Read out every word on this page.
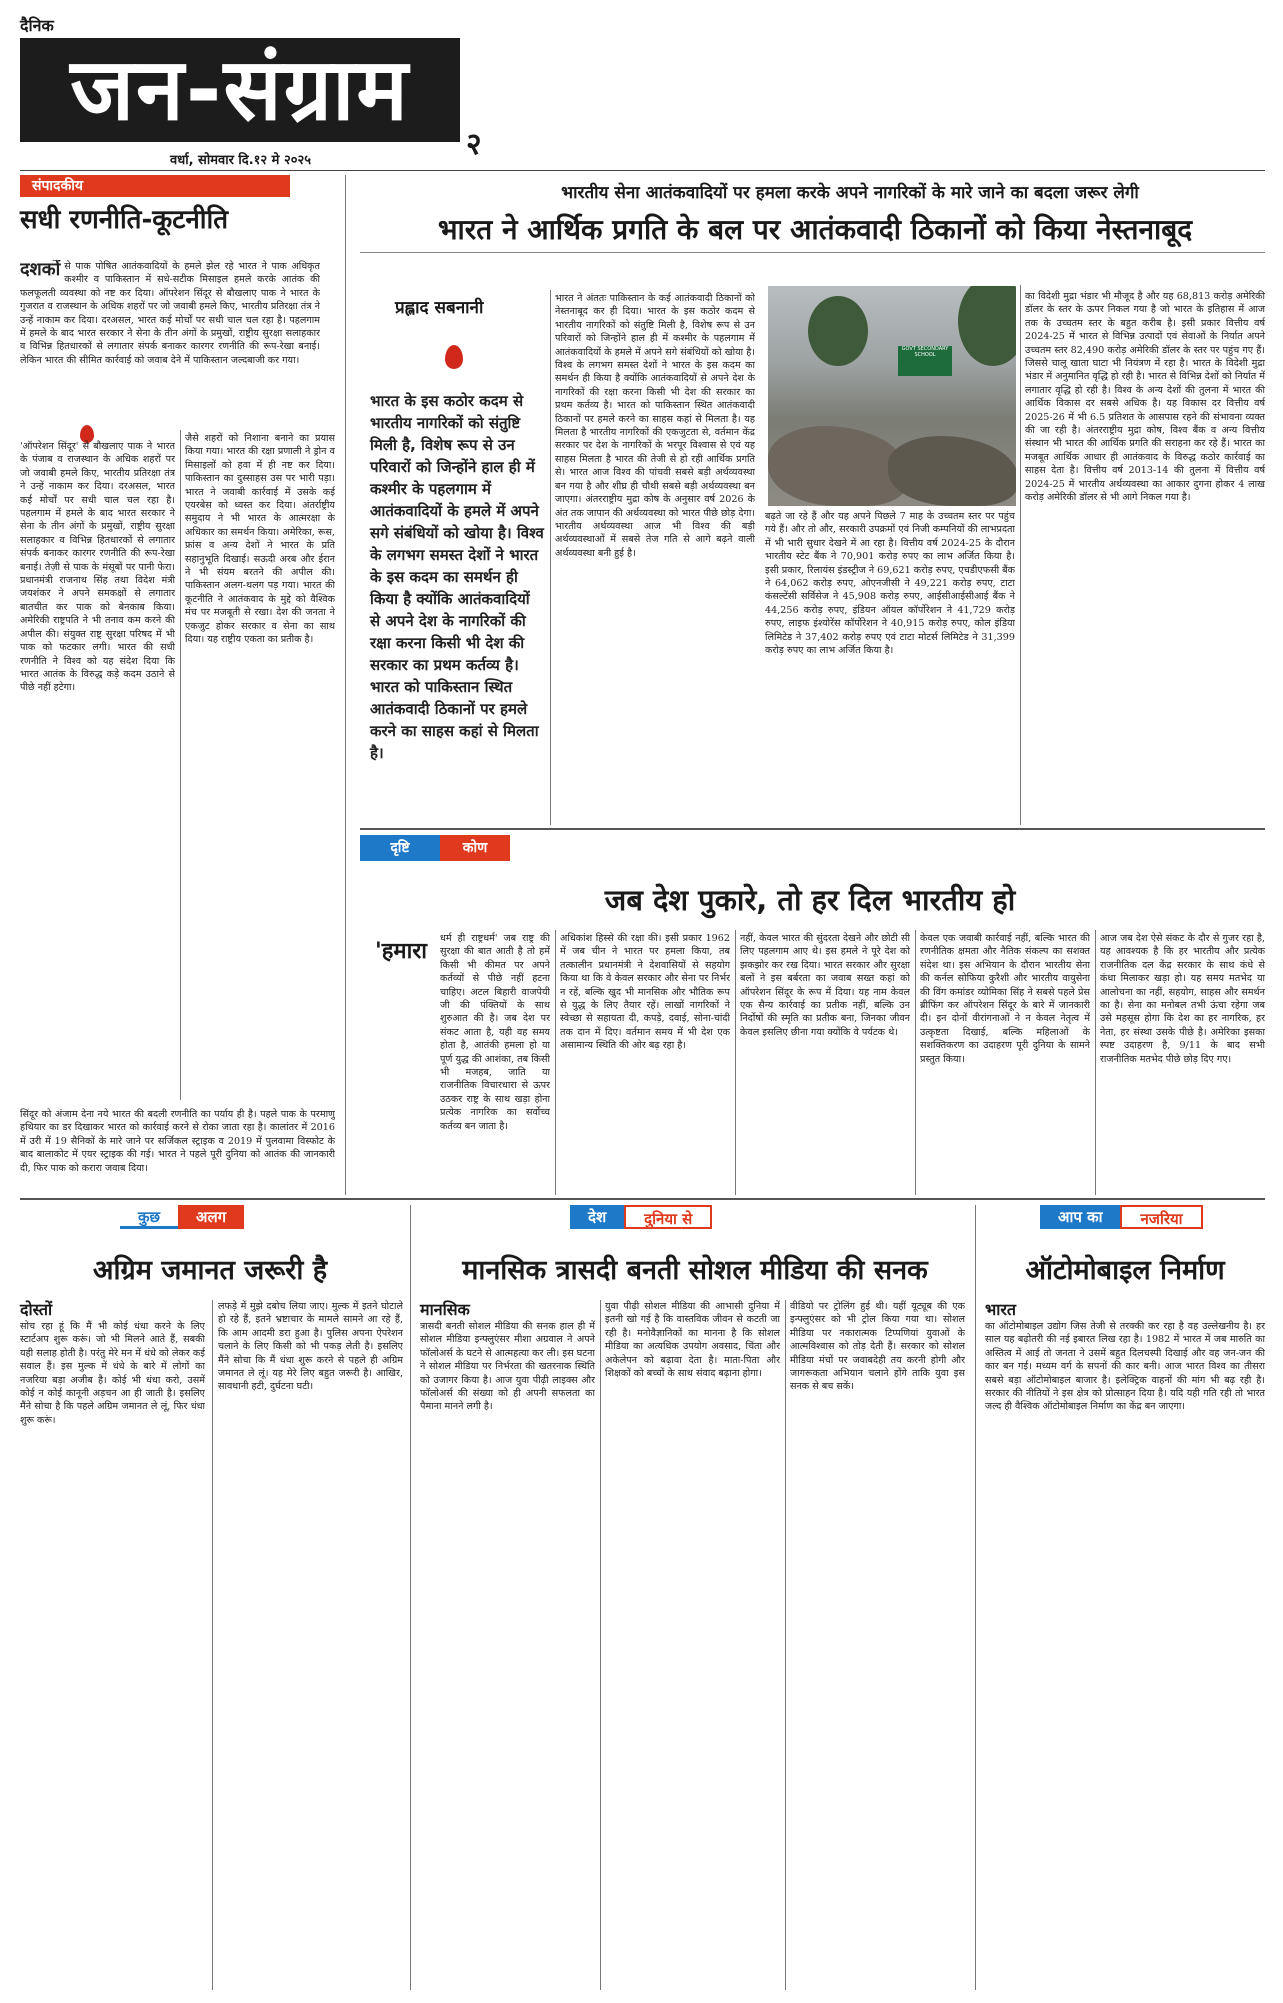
दैनिक
जन-संग्राम
२
वर्धा, सोमवार दि.१२ मे २०२५
संपादकीय
सधी रणनीति-कूटनीति
दशकों से पाक पोषित आतंकवादियों के हमले झेल रहे भारत ने पाक अधिकृत कश्मीर व पाकिस्तान में सधे-सटीक मिसाइल हमले करके आतंक की फलफूलती व्यवस्था को नष्ट कर दिया। ऑपरेशन सिंदूर से बौखलाए पाक ने भारत के गुजरात व राजस्थान के अधिक शहरों पर जो जवाबी हमले किए, भारतीय प्रतिरक्षा तंत्र ने उन्हें नाकाम कर दिया। दरअसल, भारत कई मोर्चों पर सधी चाल चल रहा है। पहलगाम में हमले के बाद भारत सरकार ने सेना के तीन अंगों के प्रमुखों, राष्ट्रीय सुरक्षा सलाहकार व विभिन्न हितधारकों से लगातार संपर्क बनाकर कारगर रणनीति की रूप-रेखा बनाई। लेकिन भारत की सीमित कार्रवाई को जवाब देने में पाकिस्तान जल्दबाजी कर गया।
'ऑपरेशन सिंदूर' से बौखलाए पाक ने भारत के पंजाब व राजस्थान के अधिक शहरों पर जो जवाबी हमले किए, भारतीय प्रतिरक्षा तंत्र ने उन्हें नाकाम कर दिया। दरअसल, भारत कई मोर्चों पर सधी चाल चल रहा है। पहलगाम में हमले के बाद भारत सरकार ने सेना के तीन अंगों के प्रमुखों, राष्ट्रीय सुरक्षा सलाहकार व विभिन्न हितधारकों से लगातार संपर्क बनाकर कारगर रणनीति की रूप-रेखा बनाई। तेज़ी से पाक के मंसूबों पर पानी फेरा। प्रधानमंत्री राजनाथ सिंह तथा विदेश मंत्री जयशंकर ने अपने समकक्षों से लगातार बातचीत कर पाक को बेनकाब किया। अमेरिकी राष्ट्रपति ने भी तनाव कम करने की अपील की। संयुक्त राष्ट्र सुरक्षा परिषद में भी पाक को फटकार लगी। भारत की सधी रणनीति ने विश्व को यह संदेश दिया कि भारत आतंक के विरुद्ध कड़े कदम उठाने से पीछे नहीं हटेगा।
जैसे शहरों को निशाना बनाने का प्रयास किया गया। भारत की रक्षा प्रणाली ने ड्रोन व मिसाइलों को हवा में ही नष्ट कर दिया। पाकिस्तान का दुस्साहस उस पर भारी पड़ा। भारत ने जवाबी कार्रवाई में उसके कई एयरबेस को ध्वस्त कर दिया। अंतर्राष्ट्रीय समुदाय ने भी भारत के आत्मरक्षा के अधिकार का समर्थन किया। अमेरिका, रूस, फ्रांस व अन्य देशों ने भारत के प्रति सहानुभूति दिखाई। सऊदी अरब और ईरान ने भी संयम बरतने की अपील की। पाकिस्तान अलग-थलग पड़ गया। भारत की कूटनीति ने आतंकवाद के मुद्दे को वैश्विक मंच पर मजबूती से रखा। देश की जनता ने एकजुट होकर सरकार व सेना का साथ दिया। यह राष्ट्रीय एकता का प्रतीक है।
सिंदूर को अंजाम देना नये भारत की बदली रणनीति का पर्याय ही है। पहले पाक के परमाणु हथियार का डर दिखाकर भारत को कार्रवाई करने से रोका जाता रहा है। कालांतर में 2016 में उरी में 19 सैनिकों के मारे जाने पर सर्जिकल स्ट्राइक व 2019 में पुलवामा विस्फोट के बाद बालाकोट में एयर स्ट्राइक की गई। भारत ने पहले पूरी दुनिया को आतंक की जानकारी दी, फिर पाक को करारा जवाब दिया।
भारतीय सेना आतंकवादियों पर हमला करके अपने नागरिकों के मारे जाने का बदला जरूर लेगी
भारत ने आर्थिक प्रगति के बल पर आतंकवादी ठिकानों को किया नेस्तनाबूद
प्रह्लाद सबनानी
भारत के इस कठोर कदम से भारतीय नागरिकों को संतुष्टि मिली है, विशेष रूप से उन परिवारों को जिन्होंने हाल ही में कश्मीर के पहलगाम में आतंकवादियों के हमले में अपने सगे संबंधियों को खोया है। विश्व के लगभग समस्त देशों ने भारत के इस कदम का समर्थन ही किया है क्योंकि आतंकवादियों से अपने देश के नागरिकों की रक्षा करना किसी भी देश की सरकार का प्रथम कर्तव्य है। भारत को पाकिस्तान स्थित आतंकवादी ठिकानों पर हमले करने का साहस कहां से मिलता है।
भारत ने अंततः पाकिस्तान के कई आतंकवादी ठिकानों को नेस्तनाबूद कर ही दिया। भारत के इस कठोर कदम से भारतीय नागरिकों को संतुष्टि मिली है, विशेष रूप से उन परिवारों को जिन्होंने हाल ही में कश्मीर के पहलगाम में आतंकवादियों के हमले में अपने सगे संबंधियों को खोया है। विश्व के लगभग समस्त देशों ने भारत के इस कदम का समर्थन ही किया है क्योंकि आतंकवादियों से अपने देश के नागरिकों की रक्षा करना किसी भी देश की सरकार का प्रथम कर्तव्य है। भारत को पाकिस्तान स्थित आतंकवादी ठिकानों पर हमले करने का साहस कहां से मिलता है। यह मिलता है भारतीय नागरिकों की एकजुटता से, वर्तमान केंद्र सरकार पर देश के नागरिकों के भरपूर विश्वास से एवं यह साहस मिलता है भारत की तेजी से हो रही आर्थिक प्रगति से। भारत आज विश्व की पांचवी सबसे बड़ी अर्थव्यवस्था बन गया है और शीघ्र ही चौथी सबसे बड़ी अर्थव्यवस्था बन जाएगा। अंतरराष्ट्रीय मुद्रा कोष के अनुसार वर्ष 2026 के अंत तक जापान की अर्थव्यवस्था को भारत पीछे छोड़ देगा। भारतीय अर्थव्यवस्था आज भी विश्व की बड़ी अर्थव्यवस्थाओं में सबसे तेज गति से आगे बढ़ने वाली अर्थव्यवस्था बनी हुई है।
GOVT SECONDARY SCHOOL
बढ़ते जा रहे हैं और यह अपने पिछले 7 माह के उच्चतम स्तर पर पहुंच गये हैं। और तो और, सरकारी उपक्रमों एवं निजी कम्पनियों की लाभप्रदता में भी भारी सुधार देखने में आ रहा है। वित्तीय वर्ष 2024-25 के दौरान भारतीय स्टेट बैंक ने 70,901 करोड़ रुपए का लाभ अर्जित किया है। इसी प्रकार, रिलायंस इंडस्ट्रीज ने 69,621 करोड़ रुपए, एचडीएफसी बैंक ने 64,062 करोड़ रुपए, ओएनजीसी ने 49,221 करोड़ रुपए, टाटा कंसल्टेंसी सर्विसेज ने 45,908 करोड़ रुपए, आईसीआईसीआई बैंक ने 44,256 करोड़ रुपए, इंडियन ऑयल कॉर्पोरेशन ने 41,729 करोड़ रुपए, लाइफ इंश्योरेंस कॉर्पोरेशन ने 40,915 करोड़ रुपए, कोल इंडिया लिमिटेड ने 37,402 करोड़ रुपए एवं टाटा मोटर्स लिमिटेड ने 31,399 करोड़ रुपए का लाभ अर्जित किया है।
का विदेशी मुद्रा भंडार भी मौजूद है और यह 68,813 करोड़ अमेरिकी डॉलर के स्तर के ऊपर निकल गया है जो भारत के इतिहास में आज तक के उच्चतम स्तर के बहुत करीब है। इसी प्रकार वित्तीय वर्ष 2024-25 में भारत से विभिन्न उत्पादों एवं सेवाओं के निर्यात अपने उच्चतम स्तर 82,490 करोड़ अमेरिकी डॉलर के स्तर पर पहुंच गए हैं। जिससे चालू खाता घाटा भी नियंत्रण में रहा है। भारत के विदेशी मुद्रा भंडार में अनुमानित वृद्धि हो रही है। भारत से विभिन्न देशों को निर्यात में लगातार वृद्धि हो रही है। विश्व के अन्य देशों की तुलना में भारत की आर्थिक विकास दर सबसे अधिक है। यह विकास दर वित्तीय वर्ष 2025-26 में भी 6.5 प्रतिशत के आसपास रहने की संभावना व्यक्त की जा रही है। अंतरराष्ट्रीय मुद्रा कोष, विश्व बैंक व अन्य वित्तीय संस्थान भी भारत की आर्थिक प्रगति की सराहना कर रहे हैं। भारत का मजबूत आर्थिक आधार ही आतंकवाद के विरुद्ध कठोर कार्रवाई का साहस देता है। वित्तीय वर्ष 2013-14 की तुलना में वित्तीय वर्ष 2024-25 में भारतीय अर्थव्यवस्था का आकार दुगना होकर 4 लाख करोड़ अमेरिकी डॉलर से भी आगे निकल गया है।
दृष्टि	कोण
जब देश पुकारे, तो हर दिल भारतीय हो
'हमारा
धर्म ही राष्ट्रधर्म' जब राष्ट्र की सुरक्षा की बात आती है तो हमें किसी भी कीमत पर अपने कर्तव्यों से पीछे नहीं हटना चाहिए। अटल बिहारी वाजपेयी जी की पंक्तियों के साथ शुरुआत की है। जब देश पर संकट आता है, यही वह समय होता है, आतंकी हमला हो या पूर्ण युद्ध की आशंका, तब किसी भी मजहब, जाति या राजनीतिक विचारधारा से ऊपर उठकर राष्ट्र के साथ खड़ा होना प्रत्येक नागरिक का सर्वोच्च कर्तव्य बन जाता है।
अधिकांश हिस्से की रक्षा की। इसी प्रकार 1962 में जब चीन ने भारत पर हमला किया, तब तत्कालीन प्रधानमंत्री ने देशवासियों से सहयोग किया था कि वे केवल सरकार और सेना पर निर्भर न रहें, बल्कि खुद भी मानसिक और भौतिक रूप से युद्ध के लिए तैयार रहें। लाखों नागरिकों ने स्वेच्छा से सहायता दी, कपड़े, दवाई, सोना-चांदी तक दान में दिए। वर्तमान समय में भी देश एक असामान्य स्थिति की ओर बढ़ रहा है।
नहीं, केवल भारत की सुंदरता देखने और छोटी सी लिए पहलगाम आए थे। इस हमले ने पूरे देश को झकझोर कर रख दिया। भारत सरकार और सुरक्षा बलों ने इस बर्बरता का जवाब सख्त कहां को ऑपरेशन सिंदूर के रूप में दिया। यह नाम केवल एक सैन्य कार्रवाई का प्रतीक नहीं, बल्कि उन निर्दोषों की स्मृति का प्रतीक बना, जिनका जीवन केवल इसलिए छीना गया क्योंकि वे पर्यटक थे।
केवल एक जवाबी कार्रवाई नहीं, बल्कि भारत की रणनीतिक क्षमता और नैतिक संकल्प का सशक्त संदेश था। इस अभियान के दौरान भारतीय सेना की कर्नल सोफिया कुरैशी और भारतीय वायुसेना की विंग कमांडर व्योमिका सिंह ने सबसे पहले प्रेस ब्रीफिंग कर ऑपरेशन सिंदूर के बारे में जानकारी दी। इन दोनों वीरांगनाओं ने न केवल नेतृत्व में उत्कृष्टता दिखाई, बल्कि महिलाओं के सशक्तिकरण का उदाहरण पूरी दुनिया के सामने प्रस्तुत किया।
आज जब देश ऐसे संकट के दौर से गुजर रहा है, यह आवश्यक है कि हर भारतीय और प्रत्येक राजनीतिक दल केंद्र सरकार के साथ कंधे से कंधा मिलाकर खड़ा हो। यह समय मतभेद या आलोचना का नहीं, सहयोग, साहस और समर्थन का है। सेना का मनोबल तभी ऊंचा रहेगा जब उसे महसूस होगा कि देश का हर नागरिक, हर नेता, हर संस्था उसके पीछे है। अमेरिका इसका स्पष्ट उदाहरण है, 9/11 के बाद सभी राजनीतिक मतभेद पीछे छोड़ दिए गए।
कुछ	अलग
अग्रिम जमानत जरूरी है
दोस्तों
सोच रहा हूं कि मैं भी कोई धंधा करने के लिए स्टार्टअप शुरू करूं। जो भी मिलने आते हैं, सबकी यही सलाह होती है। परंतु मेरे मन में धंधे को लेकर कई सवाल हैं। इस मुल्क में धंधे के बारे में लोगों का नजरिया बड़ा अजीब है। कोई भी धंधा करो, उसमें कोई न कोई कानूनी अड़चन आ ही जाती है। इसलिए मैंने सोचा है कि पहले अग्रिम जमानत ले लूं, फिर धंधा शुरू करूं।
लफड़े में मुझे दबोच लिया जाए। मुल्क में इतने घोटाले हो रहे हैं, इतने भ्रष्टाचार के मामले सामने आ रहे हैं, कि आम आदमी डरा हुआ है। पुलिस अपना ऐपरेशन चलाने के लिए किसी को भी पकड़ लेती है। इसलिए मैंने सोचा कि मैं धंधा शुरू करने से पहले ही अग्रिम जमानत ले लूं। यह मेरे लिए बहुत जरूरी है। आखिर, सावधानी हटी, दुर्घटना घटी।
देश	दुनिया से
मानसिक त्रासदी बनती सोशल मीडिया की सनक
मानसिक
त्रासदी बनती सोशल मीडिया की सनक हाल ही में सोशल मीडिया इन्फ्लुएंसर मीशा अग्रवाल ने अपने फॉलोअर्स के घटने से आत्महत्या कर ली। इस घटना ने सोशल मीडिया पर निर्भरता की खतरनाक स्थिति को उजागर किया है। आज युवा पीढ़ी लाइक्स और फॉलोअर्स की संख्या को ही अपनी सफलता का पैमाना मानने लगी है।
युवा पीढ़ी सोशल मीडिया की आभासी दुनिया में इतनी खो गई है कि वास्तविक जीवन से कटती जा रही है। मनोवैज्ञानिकों का मानना है कि सोशल मीडिया का अत्यधिक उपयोग अवसाद, चिंता और अकेलेपन को बढ़ावा देता है। माता-पिता और शिक्षकों को बच्चों के साथ संवाद बढ़ाना होगा।
वीडियो पर ट्रोलिंग हुई थी। यहीं यूट्यूब की एक इन्फ्लुएंसर को भी ट्रोल किया गया था। सोशल मीडिया पर नकारात्मक टिप्पणियां युवाओं के आत्मविश्वास को तोड़ देती हैं। सरकार को सोशल मीडिया मंचों पर जवाबदेही तय करनी होगी और जागरूकता अभियान चलाने होंगे ताकि युवा इस सनक से बच सकें।
आप का	नजरिया
ऑटोमोबाइल निर्माण
भारत
का ऑटोमोबाइल उद्योग जिस तेजी से तरक्की कर रहा है वह उल्लेखनीय है। हर साल यह बढ़ोतरी की नई इबारत लिख रहा है। 1982 में भारत में जब मारुति का अस्तित्व में आई तो जनता ने उसमें बहुत दिलचस्पी दिखाई और वह जन-जन की कार बन गई। मध्यम वर्ग के सपनों की कार बनी। आज भारत विश्व का तीसरा सबसे बड़ा ऑटोमोबाइल बाजार है। इलेक्ट्रिक वाहनों की मांग भी बढ़ रही है। सरकार की नीतियों ने इस क्षेत्र को प्रोत्साहन दिया है। यदि यही गति रही तो भारत जल्द ही वैश्विक ऑटोमोबाइल निर्माण का केंद्र बन जाएगा।
